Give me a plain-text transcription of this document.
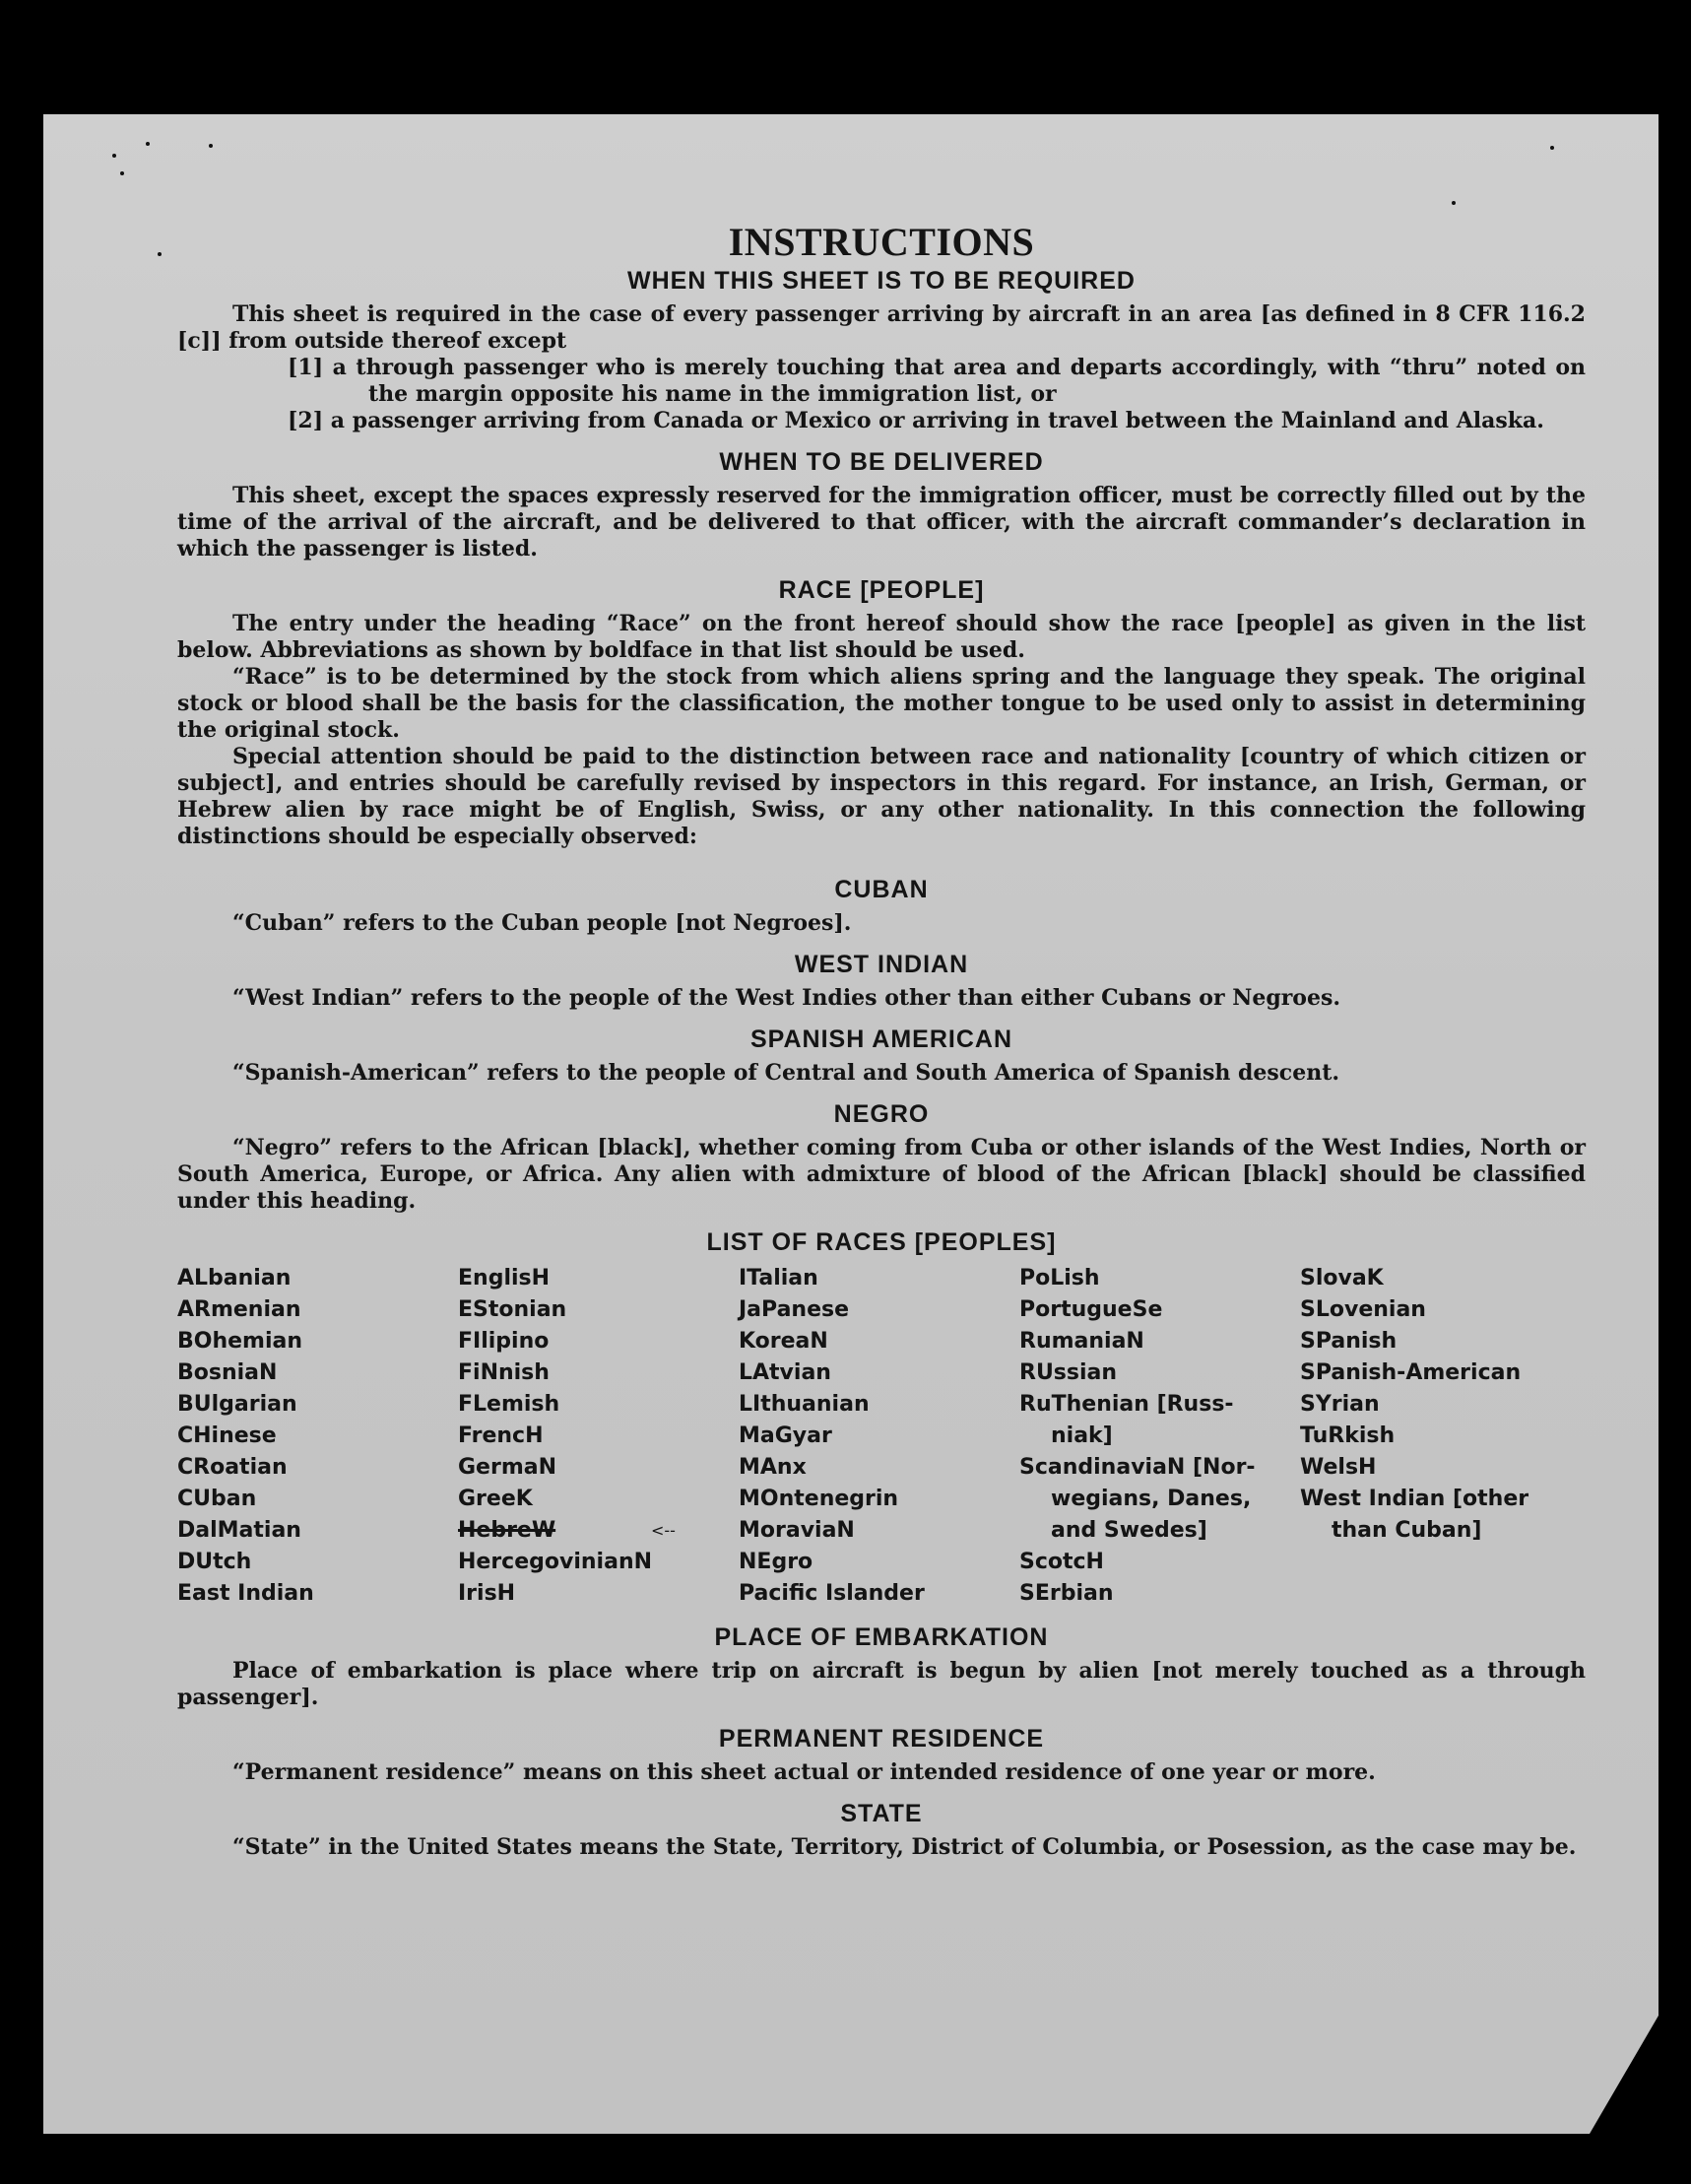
INSTRUCTIONS
WHEN THIS SHEET IS TO BE REQUIRED

This sheet is required in the case of every passenger arriving by aircraft in an area [as defined in 8 CFR 116.2 [c]] from outside thereof except

[1] a through passenger who is merely touching that area and departs accordingly, with “thru” noted on the margin opposite his name in the immigration list, or

[2] a passenger arriving from Canada or Mexico or arriving in travel between the Mainland and Alaska.

WHEN TO BE DELIVERED

This sheet, except the spaces expressly reserved for the immigration officer, must be correctly filled out by the time of the arrival of the aircraft, and be delivered to that officer, with the aircraft commander’s declaration in which the passenger is listed.

RACE [PEOPLE]

The entry under the heading “Race” on the front hereof should show the race [people] as given in the list below. Abbreviations as shown by boldface in that list should be used.

“Race” is to be determined by the stock from which aliens spring and the language they speak. The original stock or blood shall be the basis for the classification, the mother tongue to be used only to assist in determining the original stock.

Special attention should be paid to the distinction between race and nationality [country of which citizen or subject], and entries should be carefully revised by inspectors in this regard. For instance, an Irish, German, or Hebrew alien by race might be of English, Swiss, or any other nationality. In this connection the following distinctions should be especially observed:

CUBAN

“Cuban” refers to the Cuban people [not Negroes].

WEST INDIAN

“West Indian” refers to the people of the West Indies other than either Cubans or Negroes.

SPANISH AMERICAN

“Spanish-American” refers to the people of Central and South America of Spanish descent.

NEGRO

“Negro” refers to the African [black], whether coming from Cuba or other islands of the West Indies, North or South America, Europe, or Africa. Any alien with admixture of blood of the African [black] should be classified under this heading.

LIST OF RACES [PEOPLES]
ALbanian
ARmenian
BOhemian
BosniaN
BUlgarian
CHinese
CRoatian
CUban
DalMatian
DUtch
East Indian
EnglisH
EStonian
FIlipino
FiNnish
FLemish
FrencH
GermaN
GreeK
HebreW	<--
HercegovinianN
IrisH
ITalian
JaPanese
KoreaN
LAtvian
LIthuanian
MaGyar
MAnx
MOntenegrin
MoraviaN
NEgro
Pacific Islander
PoLish
PortugueSe
RumaniaN
RUssian
RuThenian [Russ-
niak]
ScandinaviaN [Nor-
wegians, Danes,
and Swedes]
ScotcH
SErbian
SlovaK
SLovenian
SPanish
SPanish-American
SYrian
TuRkish
WelsH
West Indian [other
than Cuban]
PLACE OF EMBARKATION

Place of embarkation is place where trip on aircraft is begun by alien [not merely touched as a through passenger].

PERMANENT RESIDENCE

“Permanent residence” means on this sheet actual or intended residence of one year or more.

STATE

“State” in the United States means the State, Territory, District of Columbia, or Posession, as the case may be.
